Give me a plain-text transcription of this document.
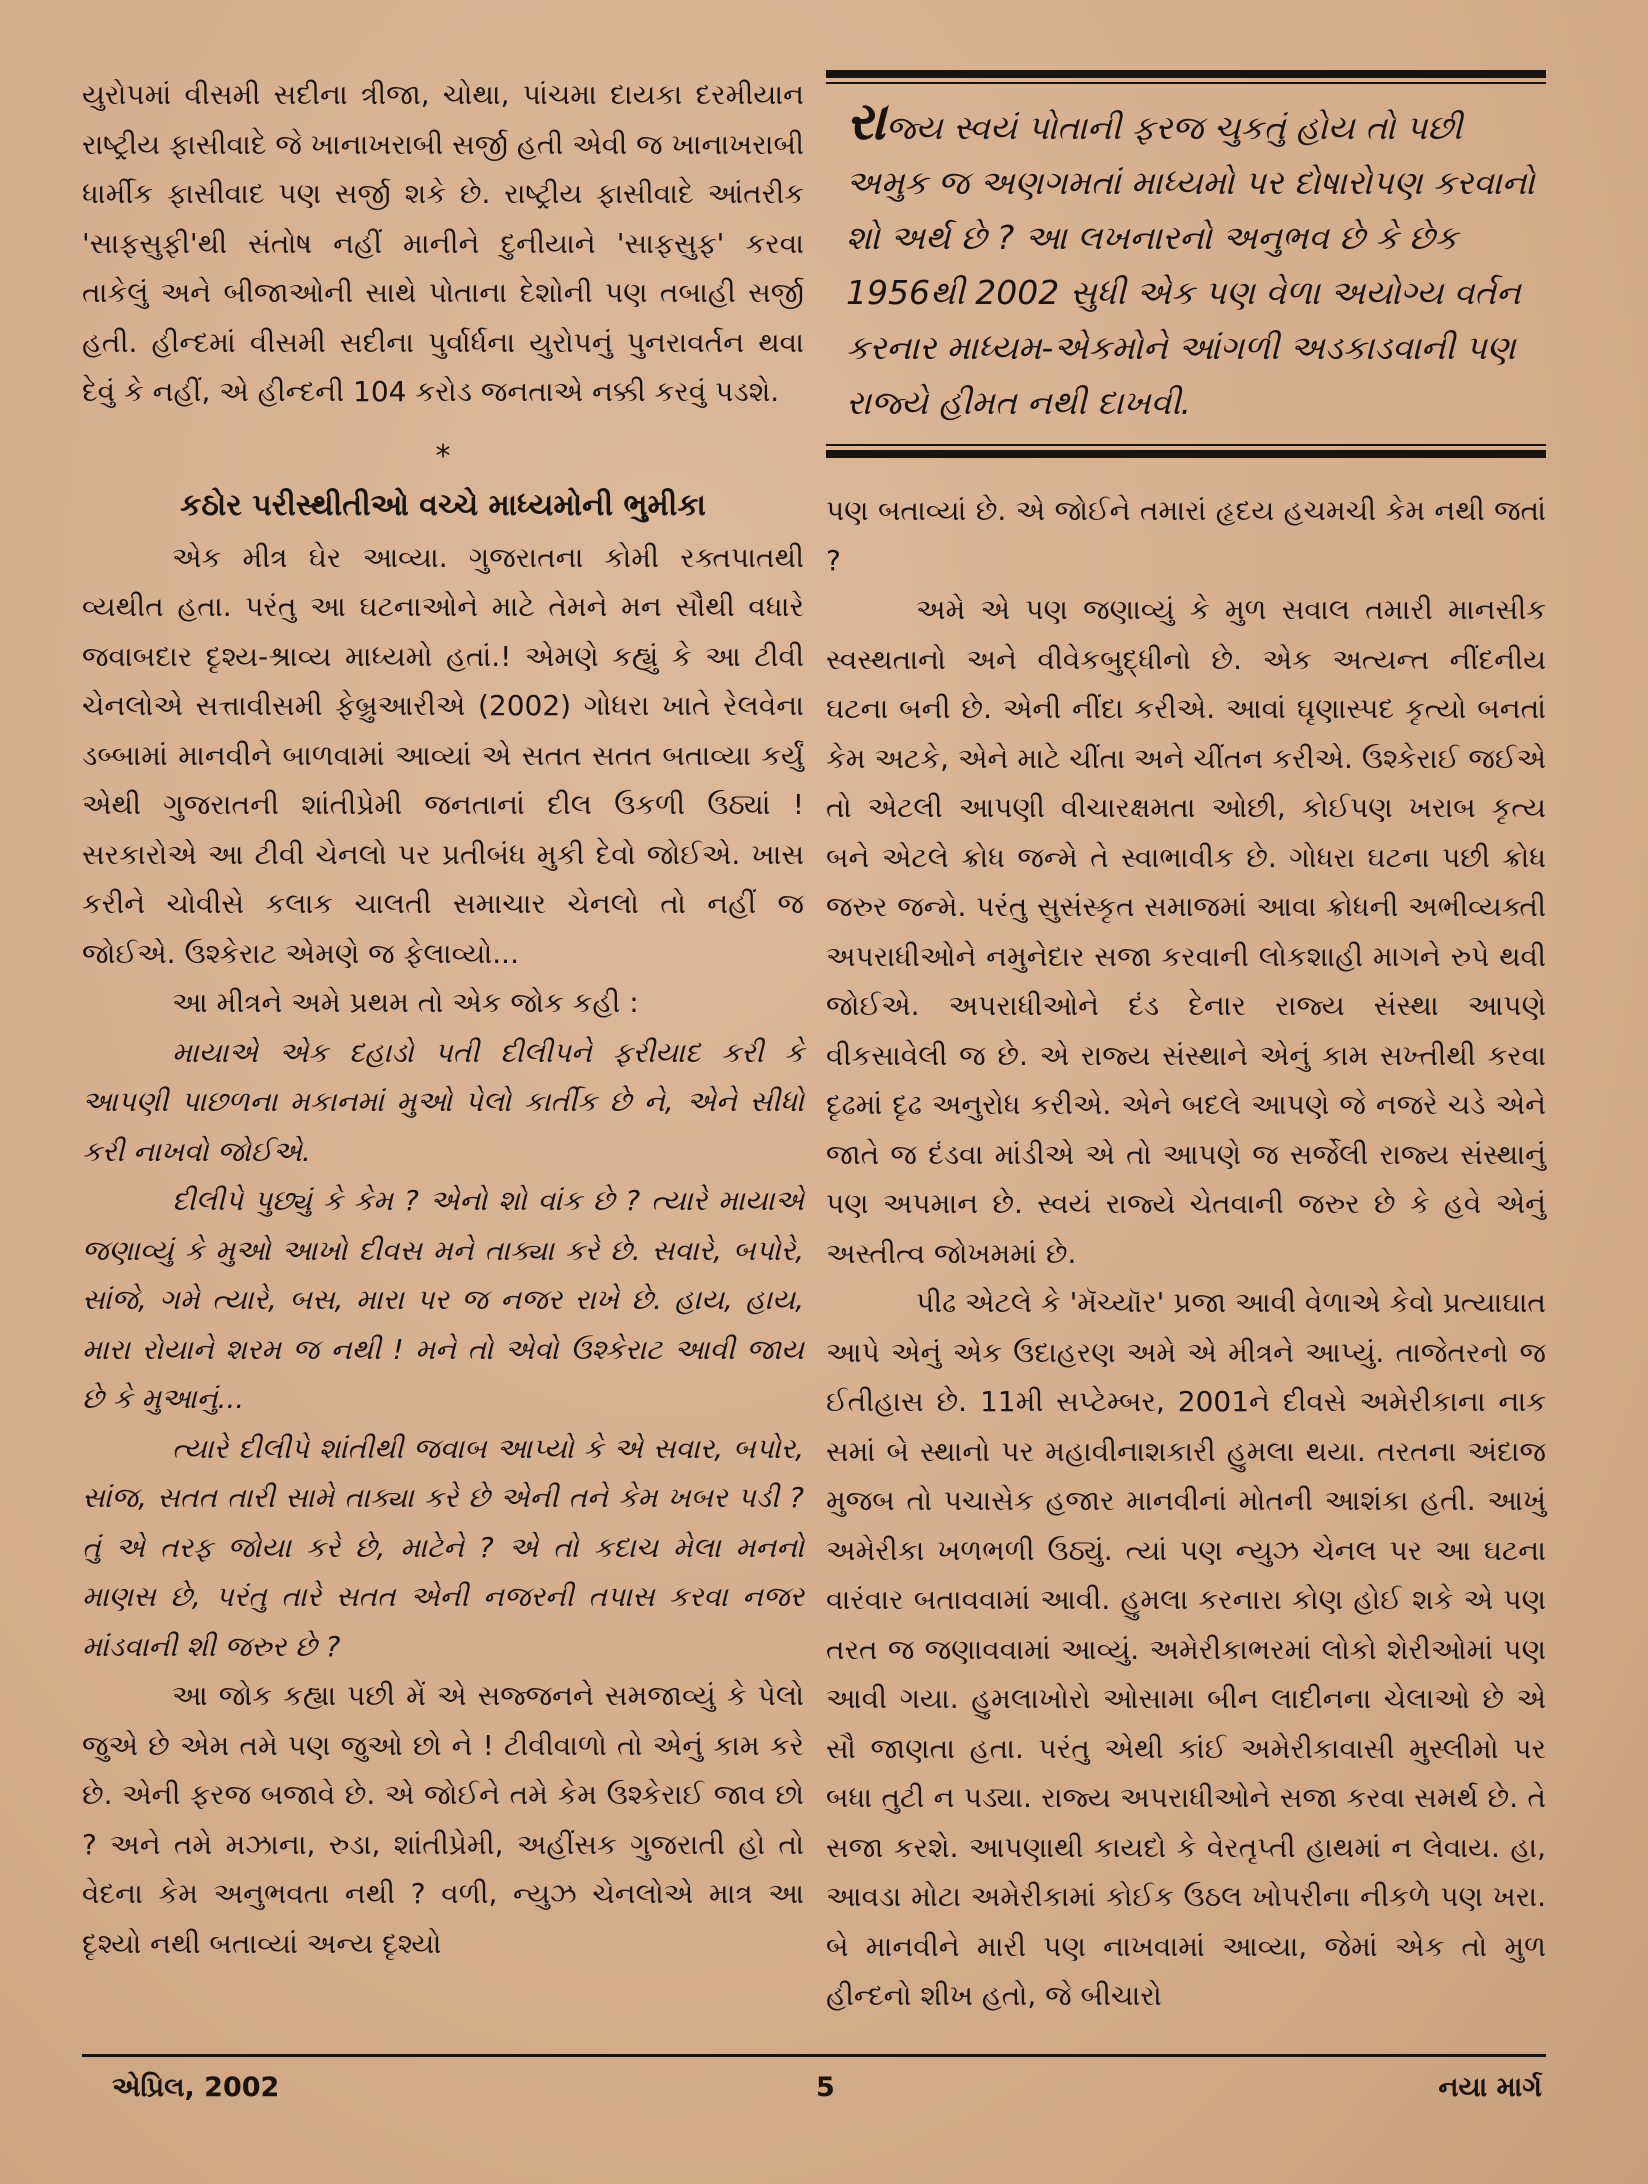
યુરોપમાં વીસમી સદીના ત્રીજા, ચોથા, પાંચમા દાયકા દરમીયાન રાષ્ટ્રીય ફાસીવાદે જે ખાનાખરાબી સર્જી હતી એવી જ ખાનાખરાબી ધાર્મીક ફાસીવાદ પણ સર્જી શકે છે. રાષ્ટ્રીય ફાસીવાદે આંતરીક 'સાફસુફી'થી સંતોષ નહીં માનીને દુનીયાને 'સાફસુફ' કરવા તાકેલું અને બીજાઓની સાથે પોતાના દેશોની પણ તબાહી સર્જી હતી. હીન્દમાં વીસમી સદીના પુર્વાર્ધના યુરોપનું પુનરાવર્તન થવા દેવું કે નહીં, એ હીન્દની 104 કરોડ જનતાએ નક્કી કરવું પડશે.

*
કઠોર પરીસ્થીતીઓ વચ્ચે માધ્યમોની ભુમીકા

એક મીત્ર ઘેર આવ્યા. ગુજરાતના કોમી રક્તપાતથી વ્યથીત હતા. પરંતુ આ ઘટનાઓને માટે તેમને મન સૌથી વધારે જવાબદાર દૃશ્ય-શ્રાવ્ય માધ્યમો હતાં.! એમણે કહ્યું કે આ ટીવી ચેનલોએ સત્તાવીસમી ફેબ્રુઆરીએ (2002) ગોધરા ખાતે રેલવેના ડબ્બામાં માનવીને બાળવામાં આવ્યાં એ સતત સતત બતાવ્યા કર્યું એથી ગુજરાતની શાંતીપ્રેમી જનતાનાં દીલ ઉકળી ઉઠ્યાં ! સરકારોએ આ ટીવી ચેનલો પર પ્રતીબંધ મુકી દેવો જોઈએ. ખાસ કરીને ચોવીસે કલાક ચાલતી સમાચાર ચેનલો તો નહીં જ જોઈએ. ઉશ્કેરાટ એમણે જ ફેલાવ્યો...

આ મીત્રને અમે પ્રથમ તો એક જોક કહી :

માયાએ એક દહાડો પતી દીલીપને ફરીયાદ કરી કે આપણી પાછળના મકાનમાં મુઓ પેલો કાર્તીક છે ને, એને સીધો કરી નાખવો જોઈએ.

દીલીપે પુછ્યું કે કેમ ? એનો શો વાંક છે ? ત્યારે માયાએ જણાવ્યું કે મુઓ આખો દીવસ મને તાક્યા કરે છે. સવારે, બપોરે, સાંજે, ગમે ત્યારે, બસ, મારા પર જ નજર રાખે છે. હાય, હાય, મારા રોયાને શરમ જ નથી ! મને તો એવો ઉશ્કેરાટ આવી જાય છે કે મુઆનું...

ત્યારે દીલીપે શાંતીથી જવાબ આપ્યો કે એ સવાર, બપોર, સાંજ, સતત તારી સામે તાક્યા કરે છે એની તને કેમ ખબર પડી ? તું એ તરફ જોયા કરે છે, માટેને ? એ તો કદાચ મેલા મનનો માણસ છે, પરંતુ તારે સતત એની નજરની તપાસ કરવા નજર માંડવાની શી જરુર છે ?

આ જોક કહ્યા પછી મેં એ સજ્જનને સમજાવ્યું કે પેલો જુએ છે એમ તમે પણ જુઓ છો ને ! ટીવીવાળો તો એનું કામ કરે છે. એની ફરજ બજાવે છે. એ જોઈને તમે કેમ ઉશ્કેરાઈ જાવ છો ? અને તમે મઝાના, રુડા, શાંતીપ્રેમી, અહીંસક ગુજરાતી હો તો વેદના કેમ અનુભવતા નથી ? વળી, ન્યુઝ ચેનલોએ માત્ર આ દૃશ્યો નથી બતાવ્યાં અન્ય દૃશ્યો

રાજ્ય સ્વયં પોતાની ફરજ ચુકતું હોય તો પછી અમુક જ અણગમતાં માધ્યમો પર દોષારોપણ કરવાનો શો અર્થ છે ? આ લખનારનો અનુભવ છે કે છેક 1956થી 2002 સુધી એક પણ વેળા અયોગ્ય વર્તન કરનાર માધ્યમ-એકમોને આંગળી અડકાડવાની પણ રાજ્યે હીમત નથી દાખવી.

પણ બતાવ્યાં છે. એ જોઈને તમારાં હૃદય હચમચી કેમ નથી જતાં ?

અમે એ પણ જણાવ્યું કે મુળ સવાલ તમારી માનસીક સ્વસ્થતાનો અને વીવેકબુદ્ધીનો છે. એક અત્યન્ત નીંદનીય ઘટના બની છે. એની નીંદા કરીએ. આવાં ઘૃણાસ્પદ કૃત્યો બનતાં કેમ અટકે, એને માટે ચીંતા અને ચીંતન કરીએ. ઉશ્કેરાઈ જઈએ તો એટલી આપણી વીચારક્ષમતા ઓછી, કોઈપણ ખરાબ કૃત્ય બને એટલે ક્રોધ જન્મે તે સ્વાભાવીક છે. ગોધરા ઘટના પછી ક્રોધ જરુર જન્મે. પરંતુ સુસંસ્કૃત સમાજમાં આવા ક્રોધની અભીવ્યક્તી અપરાધીઓને નમુનેદાર સજા કરવાની લોકશાહી માગને રુપે થવી જોઈએ. અપરાધીઓને દંડ દેનાર રાજ્ય સંસ્થા આપણે વીકસાવેલી જ છે. એ રાજ્ય સંસ્થાને એનું કામ સખ્તીથી કરવા દૃઢમાં દૃઢ અનુરોધ કરીએ. એને બદલે આપણે જે નજરે ચડે એને જાતે જ દંડવા માંડીએ એ તો આપણે જ સર્જેલી રાજ્ય સંસ્થાનું પણ અપમાન છે. સ્વયં રાજ્યે ચેતવાની જરુર છે કે હવે એનું અસ્તીત્વ જોખમમાં છે.

પીઢ એટલે કે 'મૅચ્યૉર' પ્રજા આવી વેળાએ કેવો પ્રત્યાઘાત આપે એનું એક ઉદાહરણ અમે એ મીત્રને આપ્યું. તાજેતરનો જ ઈતીહાસ છે. 11મી સપ્ટેમ્બર, 2001ને દીવસે અમેરીકાના નાક સમાં બે સ્થાનો પર મહાવીનાશકારી હુમલા થયા. તરતના અંદાજ મુજબ તો પચાસેક હજાર માનવીનાં મોતની આશંકા હતી. આખું અમેરીકા ખળભળી ઉઠ્યું. ત્યાં પણ ન્યુઝ ચેનલ પર આ ઘટના વારંવાર બતાવવામાં આવી. હુમલા કરનારા કોણ હોઈ શકે એ પણ તરત જ જણાવવામાં આવ્યું. અમેરીકાભરમાં લોકો શેરીઓમાં પણ આવી ગયા. હુમલાખોરો ઓસામા બીન લાદીનના ચેલાઓ છે એ સૌ જાણતા હતા. પરંતુ એથી કાંઈ અમેરીકાવાસી મુસ્લીમો પર બધા તુટી ન પડ્યા. રાજ્ય અપરાધીઓને સજા કરવા સમર્થ છે. તે સજા કરશે. આપણાથી કાયદો કે વેરતૃપ્તી હાથમાં ન લેવાય. હા, આવડા મોટા અમેરીકામાં કોઈક ઉઠલ ખોપરીના નીકળે પણ ખરા. બે માનવીને મારી પણ નાખવામાં આવ્યા, જેમાં એક તો મુળ હીન્દનો શીખ હતો, જે બીચારો

એપ્રિલ, 2002	5	નયા માર્ગ
